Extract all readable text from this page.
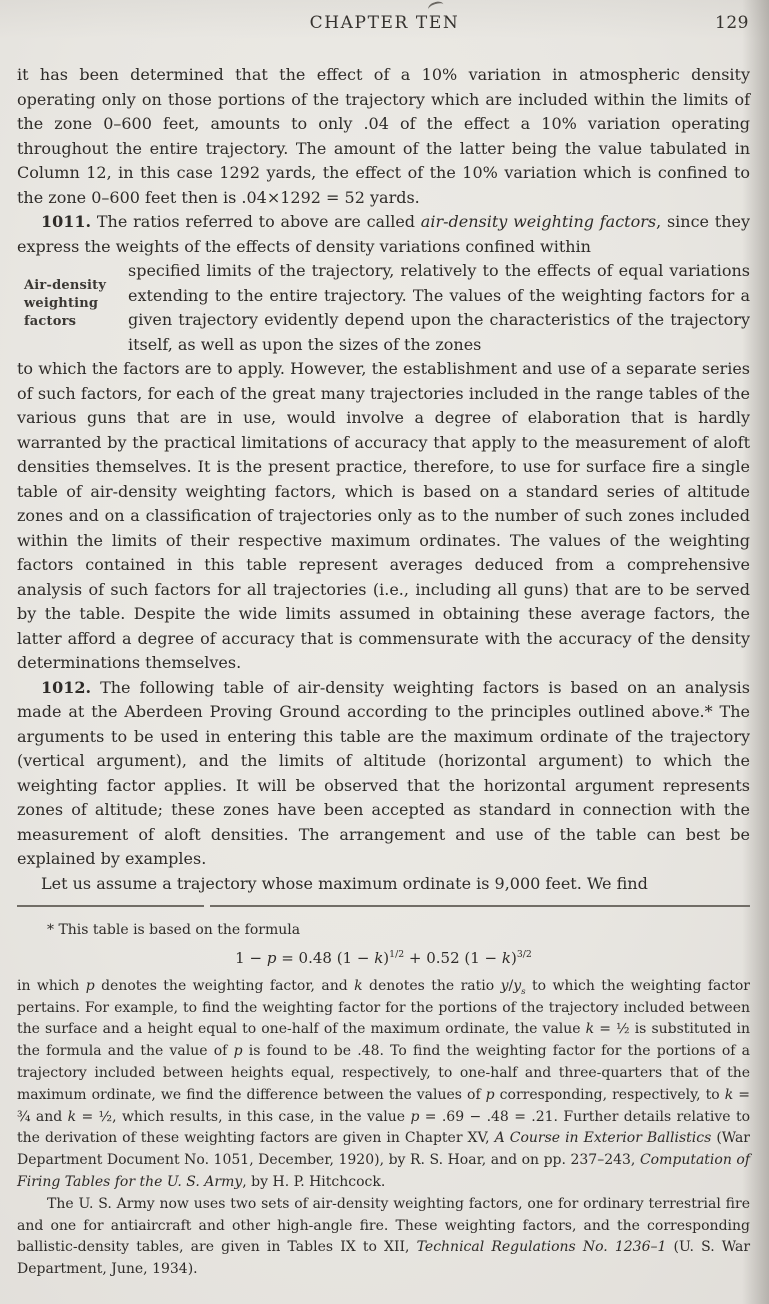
CHAPTER TEN	129

it has been determined that the effect of a 10% variation in atmospheric density operating only on those portions of the trajectory which are included within the limits of the zone 0–600 feet, amounts to only .04 of the effect a 10% variation operating throughout the entire trajectory. The amount of the latter being the value tabulated in Column 12, in this case 1292 yards, the effect of the 10% variation which is confined to the zone 0–600 feet then is .04×1292 = 52 yards.

1011. The ratios referred to above are called air-density weighting factors, since they express the weights of the effects of density variations confined within

Air-density
weighting
factors
specified limits of the trajectory, relatively to the effects of equal variations extending to the entire trajectory. The values of the weighting factors for a given trajectory evidently depend upon the characteristics of the trajectory itself, as well as upon the sizes of the zones

to which the factors are to apply. However, the establishment and use of a separate series of such factors, for each of the great many trajectories included in the range tables of the various guns that are in use, would involve a degree of elaboration that is hardly warranted by the practical limitations of accuracy that apply to the measurement of aloft densities themselves. It is the present practice, therefore, to use for surface fire a single table of air-density weighting factors, which is based on a standard series of altitude zones and on a classification of trajectories only as to the number of such zones included within the limits of their respective maximum ordinates. The values of the weighting factors contained in this table represent averages deduced from a comprehensive analysis of such factors for all trajectories (i.e., including all guns) that are to be served by the table. Despite the wide limits assumed in obtaining these average factors, the latter afford a degree of accuracy that is commensurate with the accuracy of the density determinations themselves.

1012. The following table of air-density weighting factors is based on an analysis made at the Aberdeen Proving Ground according to the principles outlined above.* The arguments to be used in entering this table are the maximum ordinate of the trajectory (vertical argument), and the limits of altitude (horizontal argument) to which the weighting factor applies. It will be observed that the horizontal argument represents zones of altitude; these zones have been accepted as standard in connection with the measurement of aloft densities. The arrangement and use of the table can best be explained by examples.

Let us assume a trajectory whose maximum ordinate is 9,000 feet. We find

* This table is based on the formula

1 − p = 0.48 $(1 - k)^{1/2} + 0.52$ $(1 - k)^{3/2}$

in which p denotes the weighting factor, and k denotes the ratio $y/y_s$ to which the weighting factor pertains. For example, to find the weighting factor for the portions of the trajectory included between the surface and a height equal to one-half of the maximum ordinate, the value k = ½ is substituted in the formula and the value of p is found to be .48. To find the weighting factor for the portions of a trajectory included between heights equal, respectively, to one-half and three-quarters that of the maximum ordinate, we find the difference between the values of p corresponding, respectively, to k = ¾ and k = ½, which results, in this case, in the value p = .69 − .48 = .21. Further details relative to the derivation of these weighting factors are given in Chapter XV, A Course in Exterior Ballistics (War Department Document No. 1051, December, 1920), by R. S. Hoar, and on pp. 237–243, Computation of Firing Tables for the U. S. Army, by H. P. Hitchcock.

The U. S. Army now uses two sets of air-density weighting factors, one for ordinary terrestrial fire and one for antiaircraft and other high-angle fire. These weighting factors, and the corresponding ballistic-density tables, are given in Tables IX to XII, Technical Regulations No. 1236–1 (U. S. War Department, June, 1934).
